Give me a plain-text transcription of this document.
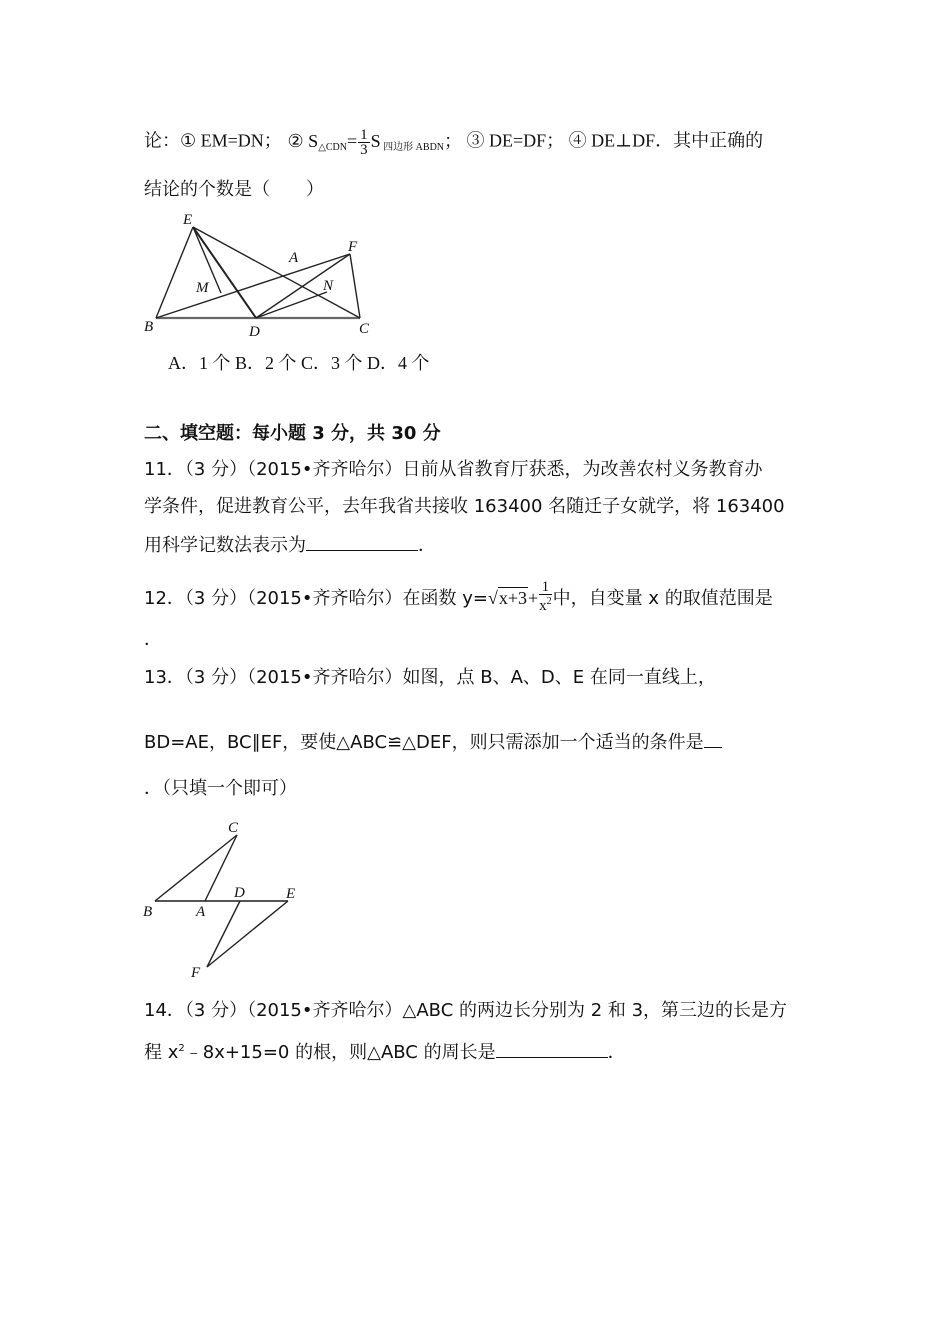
论：① EM=DN； ② $S_{\triangle CDN}= \frac{1}{3}$ S $_{四边形 ABDN}$； ③ DE=DF； ④ DE⊥DF．其中正确的
结论的个数是（　　）
E
A
F
M	N
B	D	C
A．1 个 B．2 个 C．3 个 D．4 个
二、填空题：每小题 3 分，共 30 分
11．（3 分）（2015•齐齐哈尔）日前从省教育厅获悉，为改善农村义务教育办
学条件，促进教育公平，去年我省共接收 163400 名随迁子女就学，将 163400
用科学记数法表示为	．
12．（3 分）（2015•齐齐哈尔）在函数 $y=√x+3+ \frac{1}{x^2}$ 中，自变量 x 的取值范围是
．
13．（3 分）（2015•齐齐哈尔）如图，点 B、A、D、E 在同一直线上，
BD=AE，BC∥EF，要使△ABC≌△DEF，则只需添加一个适当的条件是
．（只填一个即可）
C
B	A
D	E
F
14．（3 分）（2015•齐齐哈尔）△ABC 的两边长分别为 2 和 3，第三边的长是方
程 $x^2﹣8x+15=0$ 的根，则△ABC 的周长是	．
